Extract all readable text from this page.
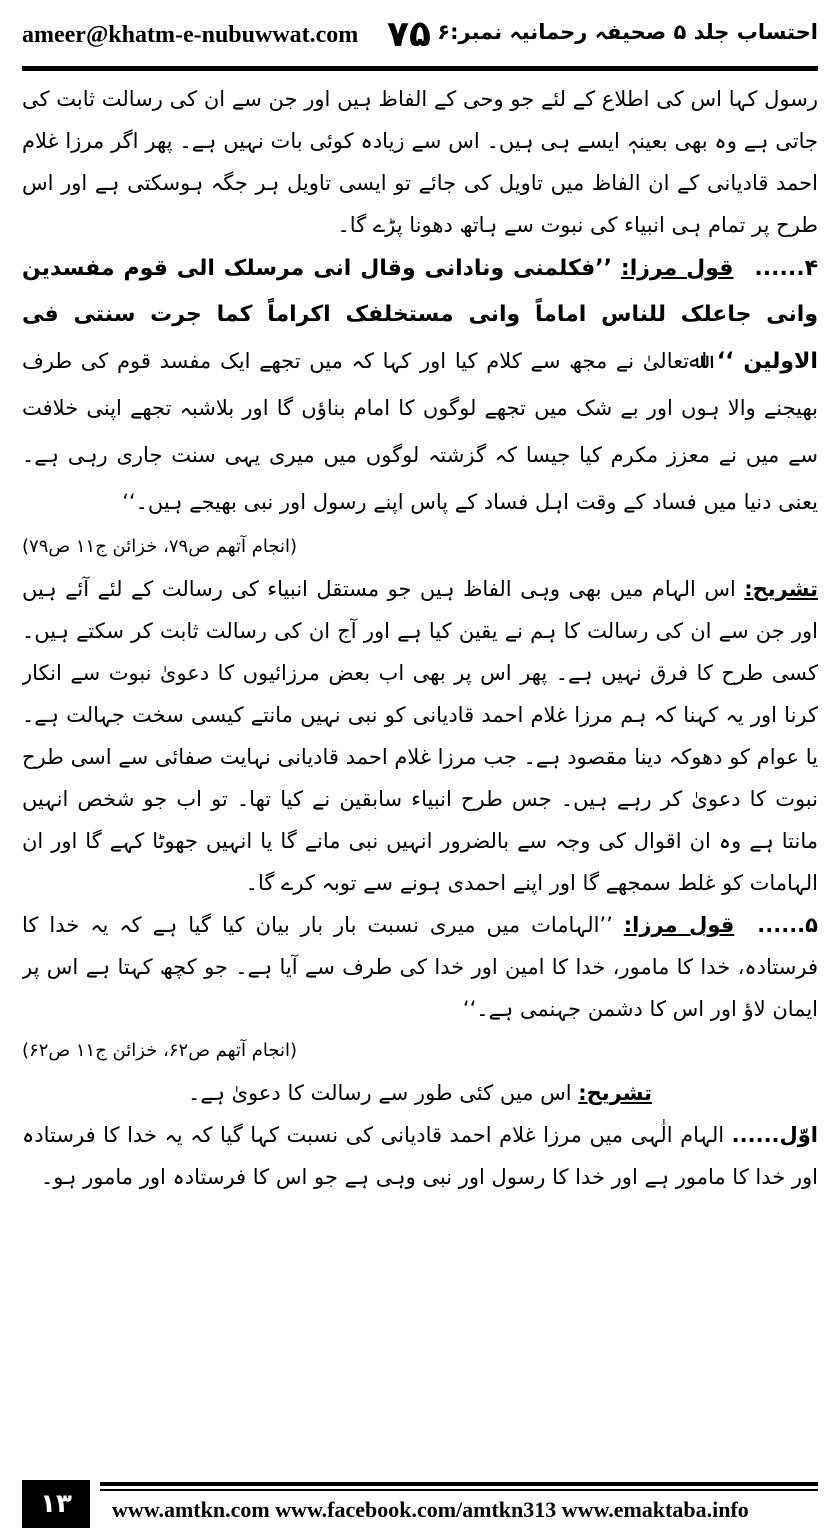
ameer@khatm-e-nubuwwat.com ۷۵ احتساب جلد ۵ صحیفہ رحمانیہ نمبر:۶

رسول کہا اس کی اطلاع کے لئے جو وحی کے الفاظ ہیں اور جن سے ان کی رسالت ثابت کی جاتی ہے وہ بھی بعینہٖ ایسے ہی ہیں۔ اس سے زیادہ کوئی بات نہیں ہے۔ پھر اگر مرزا غلام احمد قادیانی کے ان الفاظ میں تاویل کی جائے تو ایسی تاویل ہر جگہ ہوسکتی ہے اور اس طرح پر تمام ہی انبیاء کی نبوت سے ہاتھ دھونا پڑے گا۔

۴...... قول مرزا: ’’فکلمنی ونادانی وقال انی مرسلک الی قوم مفسدین وانی جاعلک للناس اماماً وانی مستخلفک اکراماً کما جرت سنتی فی الاولین ‘‘ اﷲتعالیٰ نے مجھ سے کلام کیا اور کہا کہ میں تجھے ایک مفسد قوم کی طرف بھیجنے والا ہوں اور بے شک میں تجھے لوگوں کا امام بناؤں گا اور بلاشبہ تجھے اپنی خلافت سے میں نے معزز مکرم کیا جیسا کہ گزشتہ لوگوں میں میری یہی سنت جاری رہی ہے۔ یعنی دنیا میں فساد کے وقت اہل فساد کے پاس اپنے رسول اور نبی بھیجے ہیں۔‘‘

(انجام آتھم ص۷۹، خزائن ج۱۱ ص۷۹)

تشریح: اس الہام میں بھی وہی الفاظ ہیں جو مستقل انبیاء کی رسالت کے لئے آئے ہیں اور جن سے ان کی رسالت کا ہم نے یقین کیا ہے اور آج ان کی رسالت ثابت کر سکتے ہیں۔ کسی طرح کا فرق نہیں ہے۔ پھر اس پر بھی اب بعض مرزائیوں کا دعویٰ نبوت سے انکار کرنا اور یہ کہنا کہ ہم مرزا غلام احمد قادیانی کو نبی نہیں مانتے کیسی سخت جہالت ہے۔ یا عوام کو دھوکہ دینا مقصود ہے۔ جب مرزا غلام احمد قادیانی نہایت صفائی سے اسی طرح نبوت کا دعویٰ کر رہے ہیں۔ جس طرح انبیاء سابقین نے کیا تھا۔ تو اب جو شخص انہیں مانتا ہے وہ ان اقوال کی وجہ سے بالضرور انہیں نبی مانے گا یا انہیں جھوٹا کہے گا اور ان الہامات کو غلط سمجھے گا اور اپنے احمدی ہونے سے توبہ کرے گا۔

۵...... قول مرزا: ’’الہامات میں میری نسبت بار بار بیان کیا گیا ہے کہ یہ خدا کا فرستادہ، خدا کا مامور، خدا کا امین اور خدا کی طرف سے آیا ہے۔ جو کچھ کہتا ہے اس پر ایمان لاؤ اور اس کا دشمن جہنمی ہے۔‘‘

(انجام آتھم ص۶۲، خزائن ج۱۱ ص۶۲)

تشریح: اس میں کئی طور سے رسالت کا دعویٰ ہے۔

اوّل...... الہام الٰہی میں مرزا غلام احمد قادیانی کی نسبت کہا گیا کہ یہ خدا کا فرستادہ اور خدا کا مامور ہے اور خدا کا رسول اور نبی وہی ہے جو اس کا فرستادہ اور مامور ہو۔

۱۳	www.amtkn.com www.facebook.com/amtkn313 www.emaktaba.info
